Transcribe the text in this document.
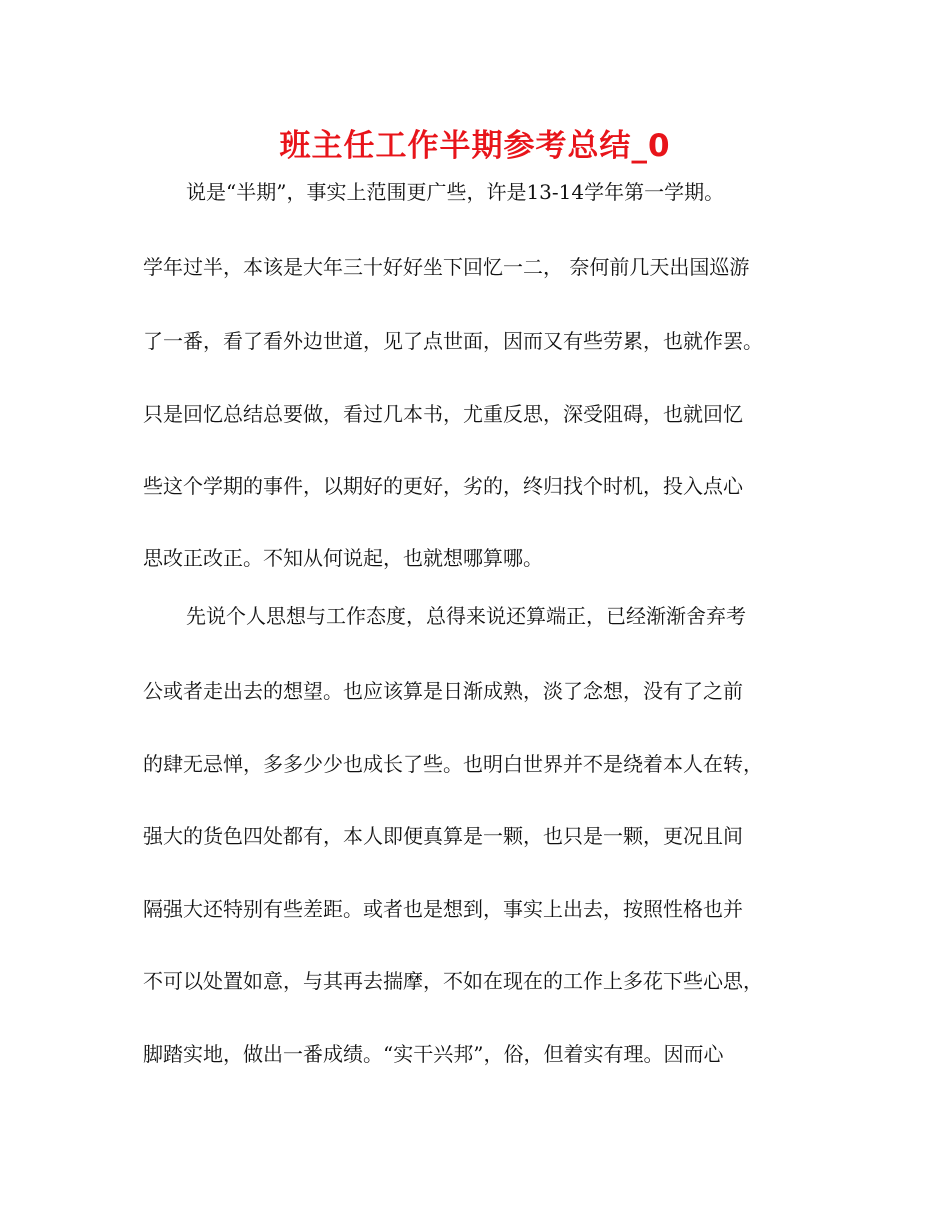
班主任工作半期参考总结_0
说是“半期”，事实上范围更广些，许是13-14学年第一学期。
学年过半，本该是大年三十好好坐下回忆一二， 奈何前几天出国巡游
了一番，看了看外边世道，见了点世面，因而又有些劳累，也就作罢。
只是回忆总结总要做，看过几本书，尤重反思，深受阻碍，也就回忆
些这个学期的事件，以期好的更好，劣的，终归找个时机，投入点心
思改正改正。不知从何说起，也就想哪算哪。
先说个人思想与工作态度，总得来说还算端正，已经渐渐舍弃考
公或者走出去的想望。也应该算是日渐成熟，淡了念想，没有了之前
的肆无忌惮，多多少少也成长了些。也明白世界并不是绕着本人在转，
强大的货色四处都有，本人即便真算是一颗，也只是一颗，更况且间
隔强大还特别有些差距。或者也是想到，事实上出去，按照性格也并
不可以处置如意，与其再去揣摩，不如在现在的工作上多花下些心思，
脚踏实地，做出一番成绩。“实干兴邦”，俗，但着实有理。因而心
